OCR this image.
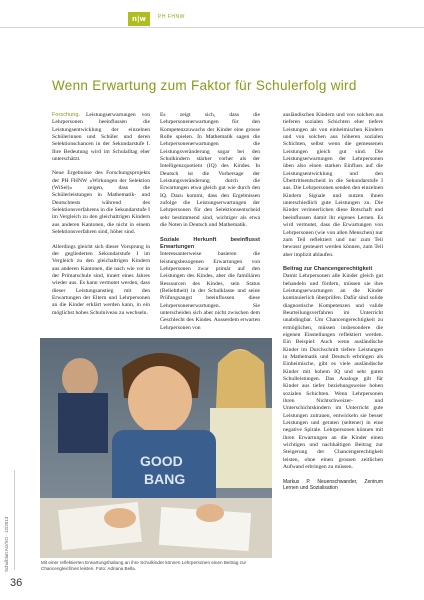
n|w	PH FHNW
Wenn Erwartung zum Faktor für Schulerfolg wird

Forschung. Leistungserwartungen von Lehrpersonen beeinflussen die Leistungsentwicklung der einzelnen Schülerinnen und Schüler und deren Selektionschancen in der Sekundarstufe I. Ihre Bedeutung wird im Schulalltag eher unterschätzt.

Neue Ergebnisse des Forschungsprojekts der PH FHNW «Wirkungen der Selektion (WiSel)» zeigen, dass die Schülerleistungen in Mathematik- und Deutschtests während des Selektionsverfahrens in die Sekundarstufe I im Vergleich zu den gleichaltrigen Kindern aus anderen Kantonen, die nicht in einem Selektionsverfahren sind, höher sind.

Allerdings gleicht sich dieser Vorsprung in der gegliederten Sekundarstufe I im Vergleich zu den gleichaltrigen Kindern aus anderen Kantonen, die nach wie vor in der Primarschule sind, innert eines Jahres wieder aus. Es kann vermutet werden, dass dieser Leistungsanstieg mit den Erwartungen der Eltern und Lehrpersonen an die Kinder erklärt werden kann, in ein möglichst hohes Schulniveau zu wechseln.

Es zeigt sich, dass die Lehrpersonenerwartungen für den Kompetenzzuwachs der Kinder eine grosse Rolle spielen. In Mathematik sagen die Lehrpersonenerwartungen die Leistungsveränderung sogar bei den Schulkindern stärker vorher als der Intelligenzquotient (IQ) des Kindes. In Deutsch ist die Vorhersage der Leistungsveränderung durch die Erwartungen etwa gleich gut wie durch den IQ. Dazu kommt, dass den Ergebnissen zufolge die Leistungserwartungen der Lehrpersonen für den Selektionsentscheid sehr bestimmend sind, wichtiger als etwa die Noten in Deutsch und Mathematik.

Soziale Herkunft beeinflusst Erwartungen

Interessanterweise basieren die leistungsbezogenen Erwartungen von Lehrpersonen zwar primär auf den Leistungen des Kindes, aber die familiären Ressourcen des Kindes, sein Status (Beliebtheit) in der Schulklasse und seine Prüfungsangst beeinflussen diese Lehrpersonenerwartungen. Sie unterscheiden sich aber nicht zwischen dem Geschlecht des Kindes. Ausserdem erwarten Lehrpersonen von

ausländischen Kindern und von solchen aus tieferen sozialen Schichten eher tiefere Leistungen als von einheimischen Kindern und von solchen aus höheren sozialen Schichten, selbst wenn die gemessenen Leistungen gleich gut sind. Die Leistungserwartungen der Lehrpersonen üben also einen starken Einfluss auf die Leistungsentwicklung und den Übertrittsentscheid in die Sekundarstufe I aus. Die Lehrpersonen senden den einzelnen Kindern Signale und nutzen ihnen unterschiedlich gute Leistungen zu. Die Kinder verinnerlichen diese Botschaft und beeinflussen damit ihr eigenes Lernen. Es wird vermutet, dass die Erwartungen von Lehrpersonen (wie von allen Menschen) nur zum Teil reflektiert und nur zum Teil bewusst gesteuert werden können, zum Teil aber implizit ablaufen.

Beitrag zur Chancengerechtigkeit

Damit Lehrpersonen alle Kinder gleich gut behandeln und fördern, müssen sie ihre Leistungserwartungen an die Kinder kontinuierlich überprüfen. Dafür sind solide diagnostische Kompetenzen und valide Beurteilungsverfahren im Unterricht unabdingbar. Um Chancengerechtigkeit zu ermöglichen, müssen insbesondere die eigenen Einstellungen reflektiert werden. Ein Beispiel: Auch wenn ausländische Kinder im Durchschnitt tiefere Leistungen in Mathematik und Deutsch erbringen als Einheimische, gibt es viele ausländische Kinder mit hohem IQ und sehr guten Schulleistungen. Das Analoge gilt für Kinder aus tiefer beziehungsweise hohen sozialen Schichten. Wenn Lehrpersonen ihren Nichtschweizer- und Unterschichtskindern im Unterricht gute Leistungen zutrauen, entwickeln sie besser Leistungen und geraten (seltener) in eine negative Spirale. Lehrpersonen können mit ihren Erwartungen an die Kinder einen wichtigen und nachhaltigen Beitrag zur Steigerung der Chancengerechtigkeit leisten, ohne einen grossen zeitlichen Aufwand erbringen zu müssen.

Markus P. Neuenschwander, Zentrum Lernen und Sozialisation
GOOD
BANG
Mit einer reflektierten Erwartungshaltung an ihre Schulkinder können Lehrpersonen einen Beitrag zur Chancengleichheit leisten. Foto: Adriana Bella.
Schulblatt AG/SO · 12/2013
36
